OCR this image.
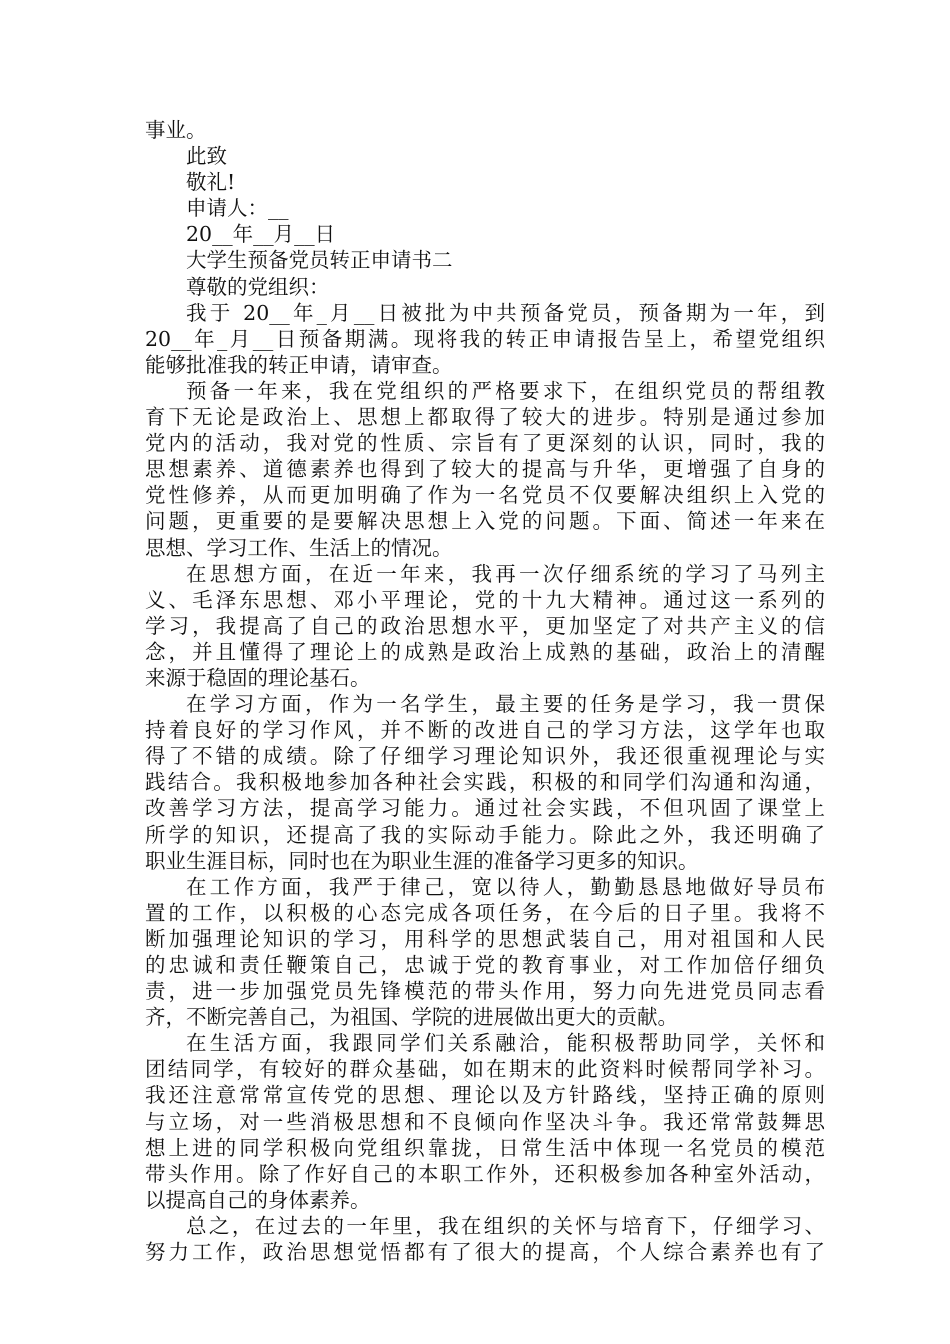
事业。
此致
敬礼!
申请人：__
20__年__月__日
大学生预备党员转正申请书二
尊敬的党组织：
我于 20__年_月__日被批为中共预备党员，预备期为一年，到
20__年_月__日预备期满。现将我的转正申请报告呈上，希望党组织
能够批准我的转正申请，请审查。
预备一年来，我在党组织的严格要求下，在组织党员的帮组教
育下无论是政治上、思想上都取得了较大的进步。特别是通过参加
党内的活动，我对党的性质、宗旨有了更深刻的认识，同时，我的
思想素养、道德素养也得到了较大的提高与升华，更增强了自身的
党性修养，从而更加明确了作为一名党员不仅要解决组织上入党的
问题，更重要的是要解决思想上入党的问题。下面、简述一年来在
思想、学习工作、生活上的情况。
在思想方面，在近一年来，我再一次仔细系统的学习了马列主
义、毛泽东思想、邓小平理论，党的十九大精神。通过这一系列的
学习，我提高了自己的政治思想水平，更加坚定了对共产主义的信
念，并且懂得了理论上的成熟是政治上成熟的基础，政治上的清醒
来源于稳固的理论基石。
在学习方面，作为一名学生，最主要的任务是学习，我一贯保
持着良好的学习作风，并不断的改进自己的学习方法，这学年也取
得了不错的成绩。除了仔细学习理论知识外，我还很重视理论与实
践结合。我积极地参加各种社会实践，积极的和同学们沟通和沟通，
改善学习方法，提高学习能力。通过社会实践，不但巩固了课堂上
所学的知识，还提高了我的实际动手能力。除此之外，我还明确了
职业生涯目标，同时也在为职业生涯的准备学习更多的知识。
在工作方面，我严于律己，宽以待人，勤勤恳恳地做好导员布
置的工作，以积极的心态完成各项任务，在今后的日子里。我将不
断加强理论知识的学习，用科学的思想武装自己，用对祖国和人民
的忠诚和责任鞭策自己，忠诚于党的教育事业，对工作加倍仔细负
责，进一步加强党员先锋模范的带头作用，努力向先进党员同志看
齐，不断完善自己，为祖国、学院的进展做出更大的贡献。
在生活方面，我跟同学们关系融洽，能积极帮助同学，关怀和
团结同学，有较好的群众基础，如在期末的此资料时候帮同学补习。
我还注意常常宣传党的思想、理论以及方针路线，坚持正确的原则
与立场，对一些消极思想和不良倾向作坚决斗争。我还常常鼓舞思
想上进的同学积极向党组织靠拢，日常生活中体现一名党员的模范
带头作用。除了作好自己的本职工作外，还积极参加各种室外活动，
以提高自己的身体素养。
总之，在过去的一年里，我在组织的关怀与培育下，仔细学习、
努力工作，政治思想觉悟都有了很大的提高，个人综合素养也有了
